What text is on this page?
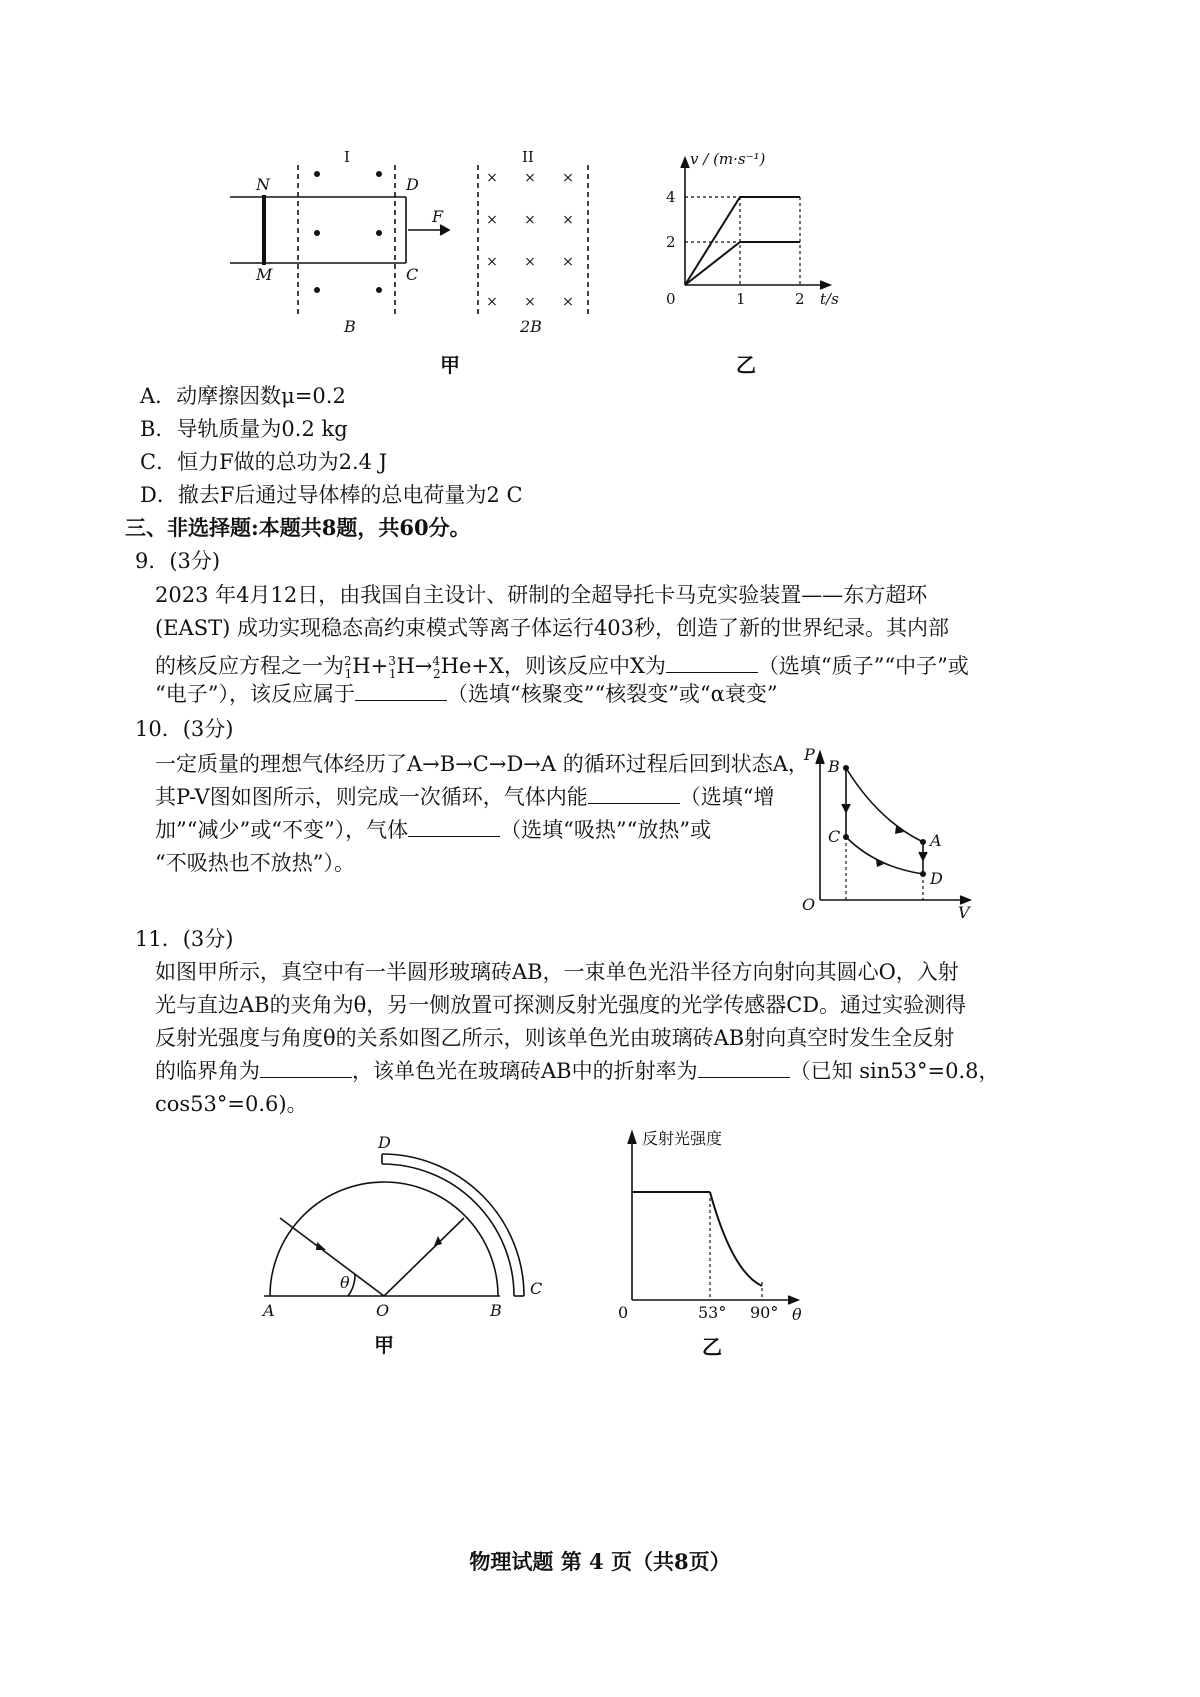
× × ×
× × ×
× × ×
× × ×
N
M
D
C
F
B	2B
I	II
甲
v / (m·s⁻¹)
4
2
0	1	2 t/s
乙
A．动摩擦因数μ=0.2
B．导轨质量为0.2 kg
C．恒力F做的总功为2.4 J
D．撤去F后通过导体棒的总电荷量为2 C
三、非选择题:本题共8题，共60分。
9．(3分)
2023 年4月12日，由我国自主设计、研制的全超导托卡马克实验装置——东方超环
(EAST) 成功实现稳态高约束模式等离子体运行403秒，创造了新的世界纪录。其内部
的核反应方程之一为$^2_1$H+$^3_1$H→$^4_2$He+X，则该反应中X为	（选填“质子”“中子”或
“电子”），该反应属于	（选填“核聚变”“核裂变”或“α衰变”
10．(3分)
一定质量的理想气体经历了A→B→C→D→A 的循环过程后回到状态A，
其P-V图如图所示，则完成一次循环，气体内能	（选填“增
加”“减少”或“不变”），气体	（选填“吸热”“放热”或
“不吸热也不放热”）。
P
V
O
B
C	A
D
11．(3分)
如图甲所示，真空中有一半圆形玻璃砖AB，一束单色光沿半径方向射向其圆心O，入射
光与直边AB的夹角为θ，另一侧放置可探测反射光强度的光学传感器CD。通过实验测得
反射光强度与角度θ的关系如图乙所示，则该单色光由玻璃砖AB射向真空时发生全反射
的临界角为	，该单色光在玻璃砖AB中的折射率为	（已知 sin53°=0.8，
cos53°=0.6)。
A	O	B
C
D
θ
甲
反射光强度
0	53° 90° θ
乙
物理试题 第 4 页（共8页）
